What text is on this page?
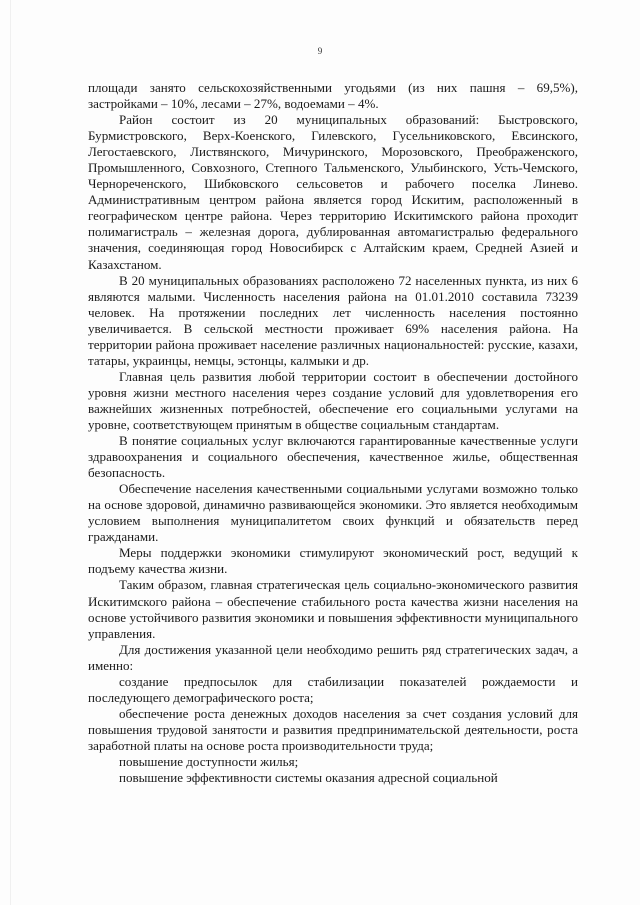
9

площади занято сельскохозяйственными угодьями (из них пашня – 69,5%), застройками – 10%, лесами – 27%, водоемами – 4%.

Район состоит из 20 муниципальных образований: Быстровского, Бурмистровского, Верх-Коенского, Гилевского, Гусельниковского, Евсинского, Легостаевского, Листвянского, Мичуринского, Морозовского, Преображенского, Промышленного, Совхозного, Степного Тальменского, Улыбинского, Усть-Чемского, Чернореченского, Шибковского сельсоветов и рабочего поселка Линево. Административным центром района является город Искитим, расположенный в географическом центре района. Через территорию Искитимского района проходит полимагистраль – железная дорога, дублированная автомагистралью федерального значения, соединяющая город Новосибирск с Алтайским краем, Средней Азией и Казахстаном.

В 20 муниципальных образованиях расположено 72 населенных пункта, из них 6 являются малыми. Численность населения района на 01.01.2010 составила 73239 человек. На протяжении последних лет численность населения постоянно увеличивается. В сельской местности проживает 69% населения района. На территории района проживает население различных национальностей: русские, казахи, татары, украинцы, немцы, эстонцы, калмыки и др.

Главная цель развития любой территории состоит в обеспечении достойного уровня жизни местного населения через создание условий для удовлетворения его важнейших жизненных потребностей, обеспечение его социальными услугами на уровне, соответствующем принятым в обществе социальным стандартам.

В понятие социальных услуг включаются гарантированные качественные услуги здравоохранения и социального обеспечения, качественное жилье, общественная безопасность.

Обеспечение населения качественными социальными услугами возможно только на основе здоровой, динамично развивающейся экономики. Это является необходимым условием выполнения муниципалитетом своих функций и обязательств перед гражданами.

Меры поддержки экономики стимулируют экономический рост, ведущий к подъему качества жизни.

Таким образом, главная стратегическая цель социально-экономического развития Искитимского района – обеспечение стабильного роста качества жизни населения на основе устойчивого развития экономики и повышения эффективности муниципального управления.

Для достижения указанной цели необходимо решить ряд стратегических задач, а именно:

создание предпосылок для стабилизации показателей рождаемости и последующего демографического роста;

обеспечение роста денежных доходов населения за счет создания условий для повышения трудовой занятости и развития предпринимательской деятельности, роста заработной платы на основе роста производительности труда;

повышение доступности жилья;

повышение эффективности системы оказания адресной социальной
